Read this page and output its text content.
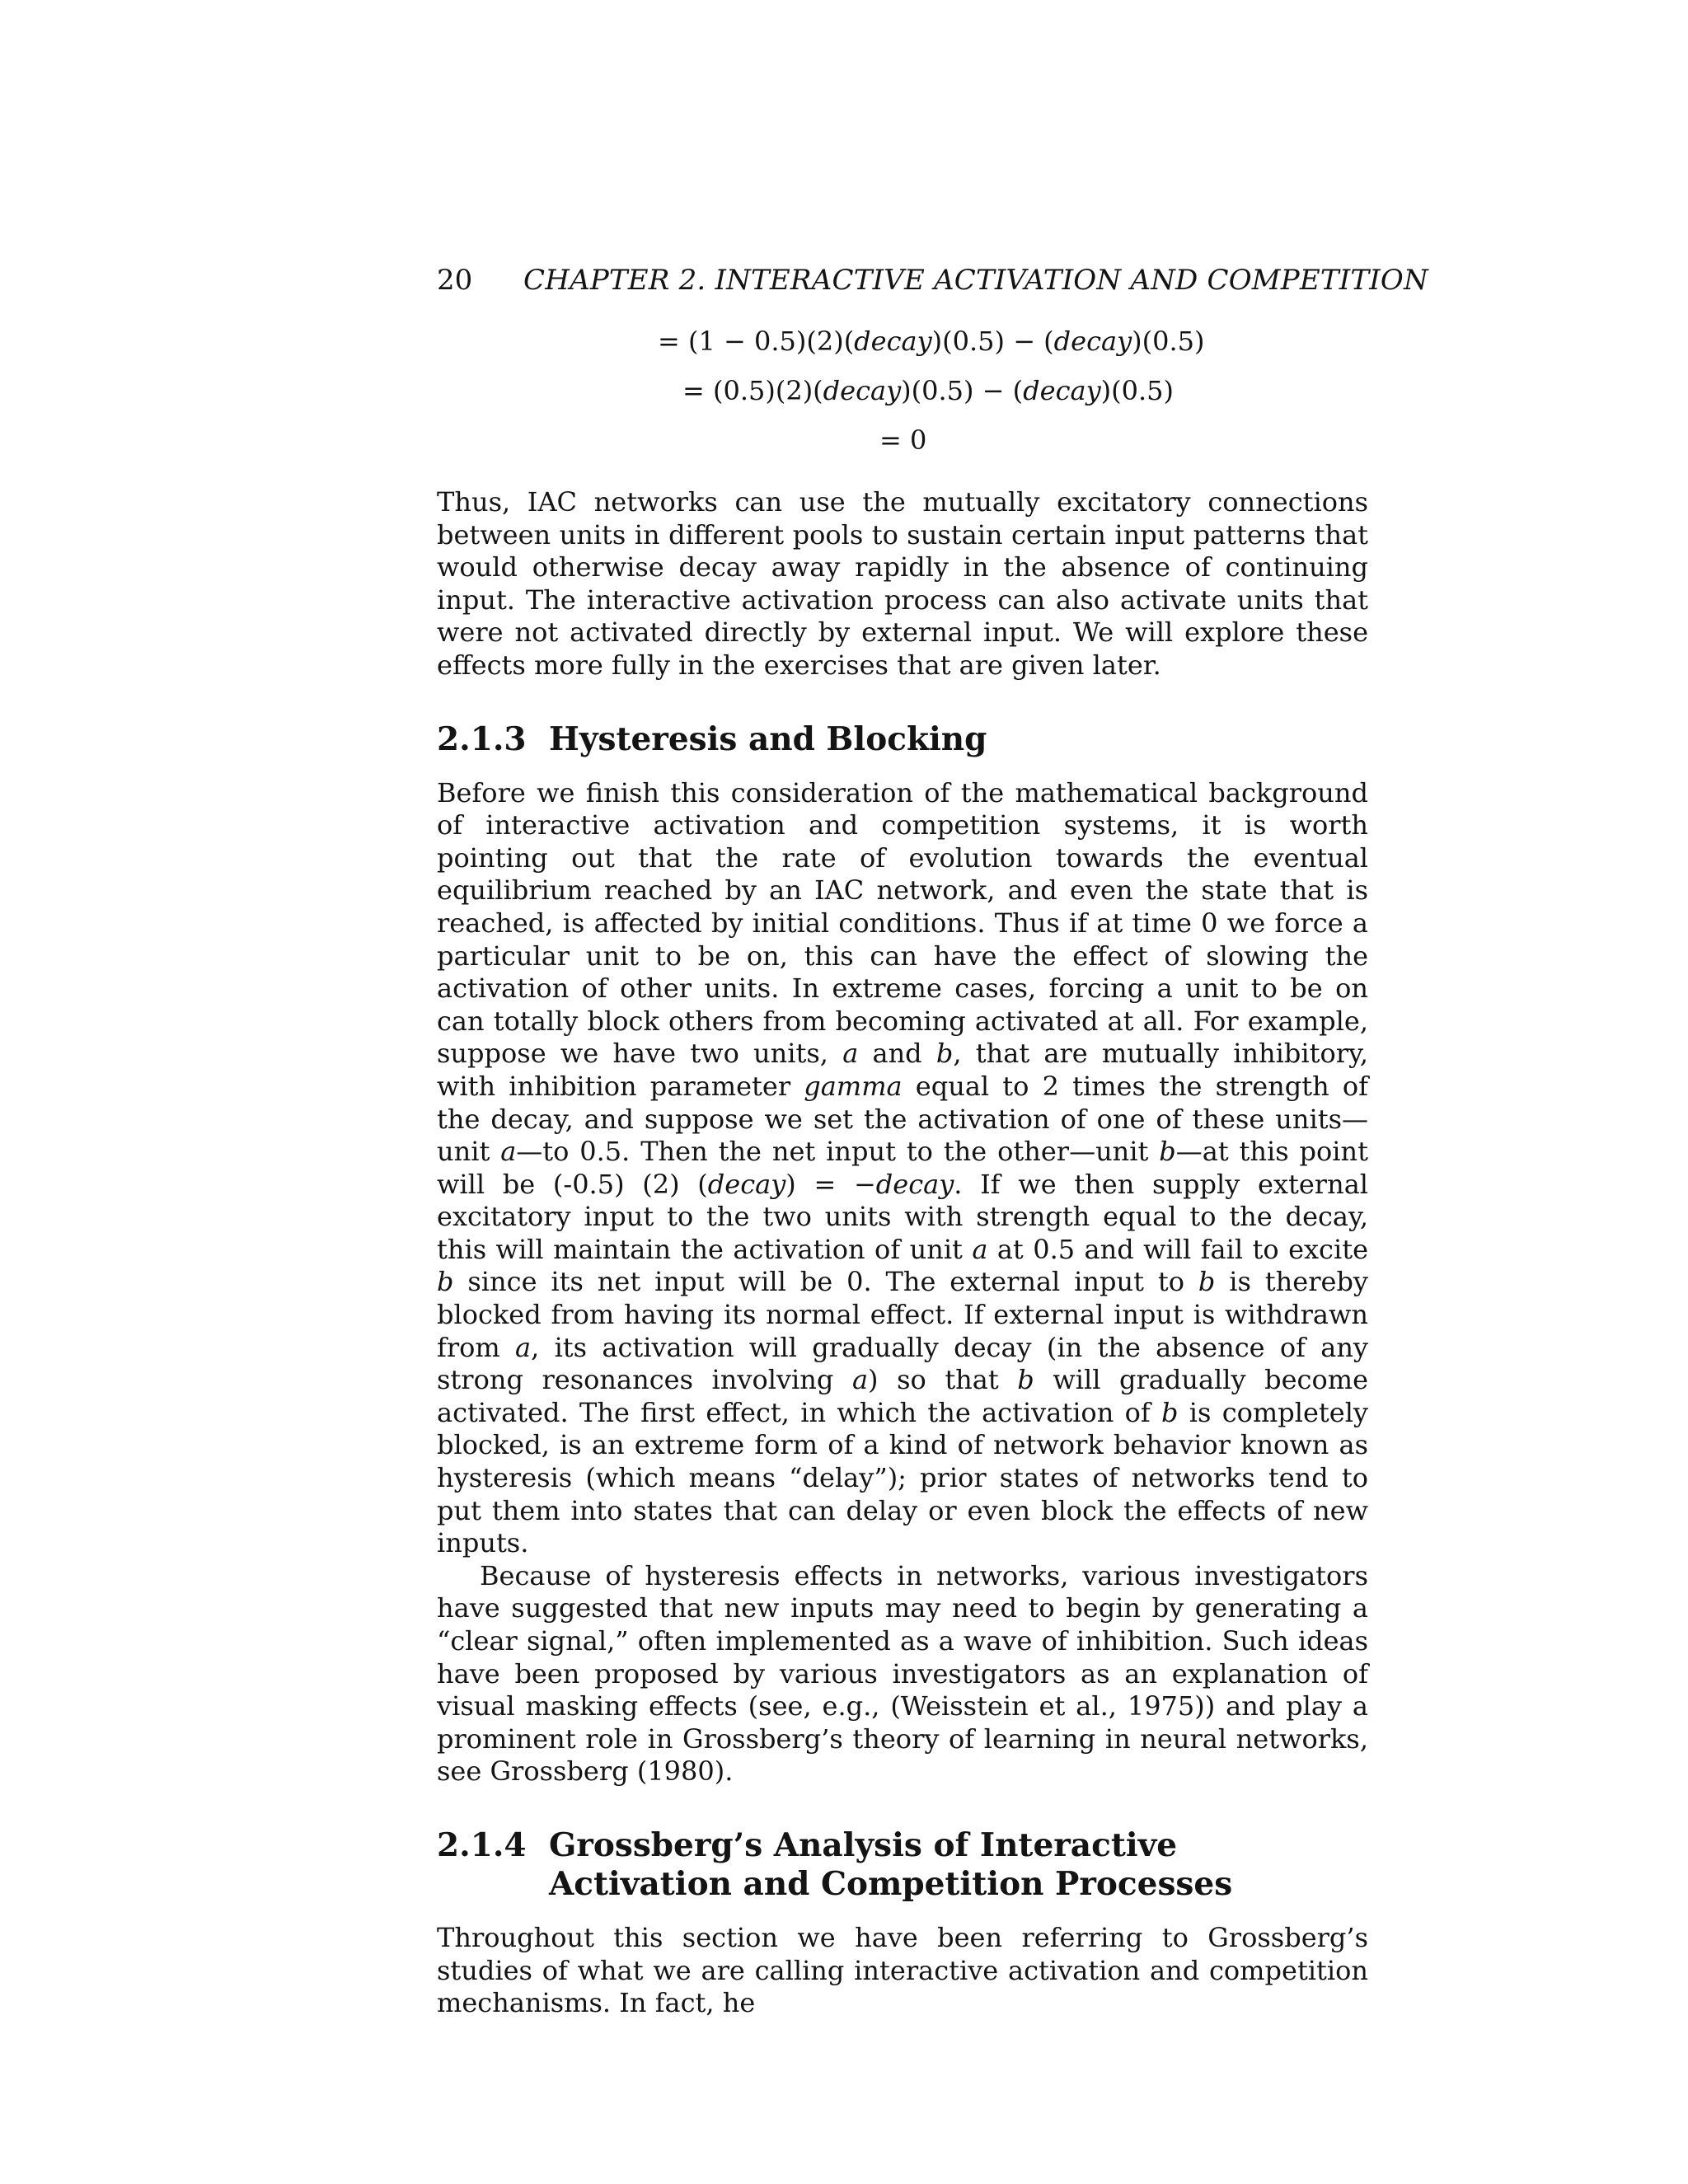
20 CHAPTER 2. INTERACTIVE ACTIVATION AND COMPETITION
= (1 − 0.5)(2)(decay)(0.5) − (decay)(0.5)
= (0.5)(2)(decay)(0.5) − (decay)(0.5)
= 0

Thus, IAC networks can use the mutually excitatory connections between units in different pools to sustain certain input patterns that would otherwise decay away rapidly in the absence of continuing input. The interactive activation process can also activate units that were not activated directly by external input. We will explore these effects more fully in the exercises that are given later.

2.1.3 Hysteresis and Blocking

Before we finish this consideration of the mathematical background of interactive activation and competition systems, it is worth pointing out that the rate of evolution towards the eventual equilibrium reached by an IAC network, and even the state that is reached, is affected by initial conditions. Thus if at time 0 we force a particular unit to be on, this can have the effect of slowing the activation of other units. In extreme cases, forcing a unit to be on can totally block others from becoming activated at all. For example, suppose we have two units, a and b, that are mutually inhibitory, with inhibition parameter gamma equal to 2 times the strength of the decay, and suppose we set the activation of one of these units—unit a—to 0.5. Then the net input to the other—unit b—at this point will be (-0.5) (2) (decay) = −decay. If we then supply external excitatory input to the two units with strength equal to the decay, this will maintain the activation of unit a at 0.5 and will fail to excite b since its net input will be 0. The external input to b is thereby blocked from having its normal effect. If external input is withdrawn from a, its activation will gradually decay (in the absence of any strong resonances involving a) so that b will gradually become activated. The first effect, in which the activation of b is completely blocked, is an extreme form of a kind of network behavior known as hysteresis (which means “delay”); prior states of networks tend to put them into states that can delay or even block the effects of new inputs.

Because of hysteresis effects in networks, various investigators have suggested that new inputs may need to begin by generating a “clear signal,” often implemented as a wave of inhibition. Such ideas have been proposed by various investigators as an explanation of visual masking effects (see, e.g., (Weisstein et al., 1975)) and play a prominent role in Grossberg’s theory of learning in neural networks, see Grossberg (1980).

2.1.4 Grossberg’s Analysis of Interactive Activation and Competition Processes

Throughout this section we have been referring to Grossberg’s studies of what we are calling interactive activation and competition mechanisms. In fact, he
